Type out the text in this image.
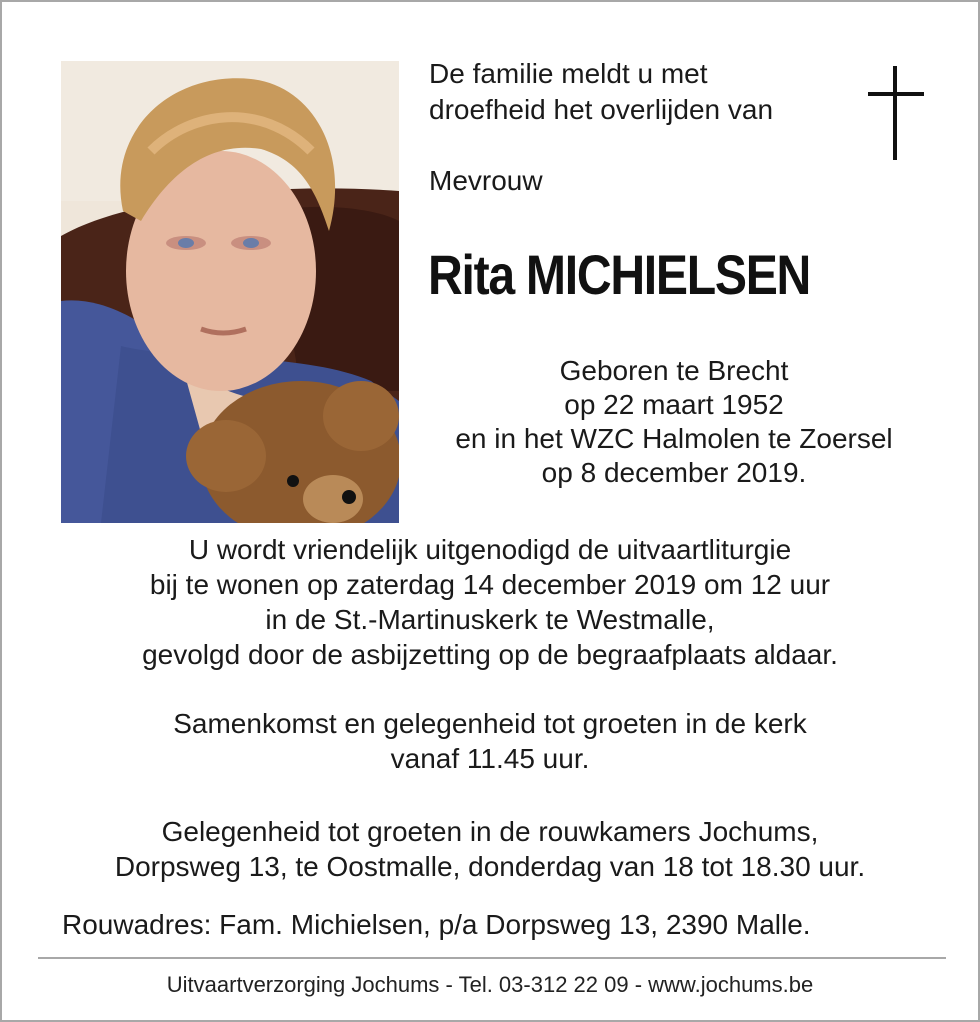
De familie meldt u met
droefheid het overlijden van
Mevrouw
Rita MICHIELSEN
Geboren te Brecht
op 22 maart 1952
en in het WZC Halmolen te Zoersel
op 8 december 2019.
U wordt vriendelijk uitgenodigd de uitvaartliturgie
bij te wonen op zaterdag 14 december 2019 om 12 uur
in de St.-Martinuskerk te Westmalle,
gevolgd door de asbijzetting op de begraafplaats aldaar.
Samenkomst en gelegenheid tot groeten in de kerk
vanaf 11.45 uur.
Gelegenheid tot groeten in de rouwkamers Jochums,
Dorpsweg 13, te Oostmalle, donderdag van 18 tot 18.30 uur.
Rouwadres: Fam. Michielsen, p/a Dorpsweg 13, 2390 Malle.
Uitvaartverzorging Jochums - Tel. 03-312 22 09 - www.jochums.be
